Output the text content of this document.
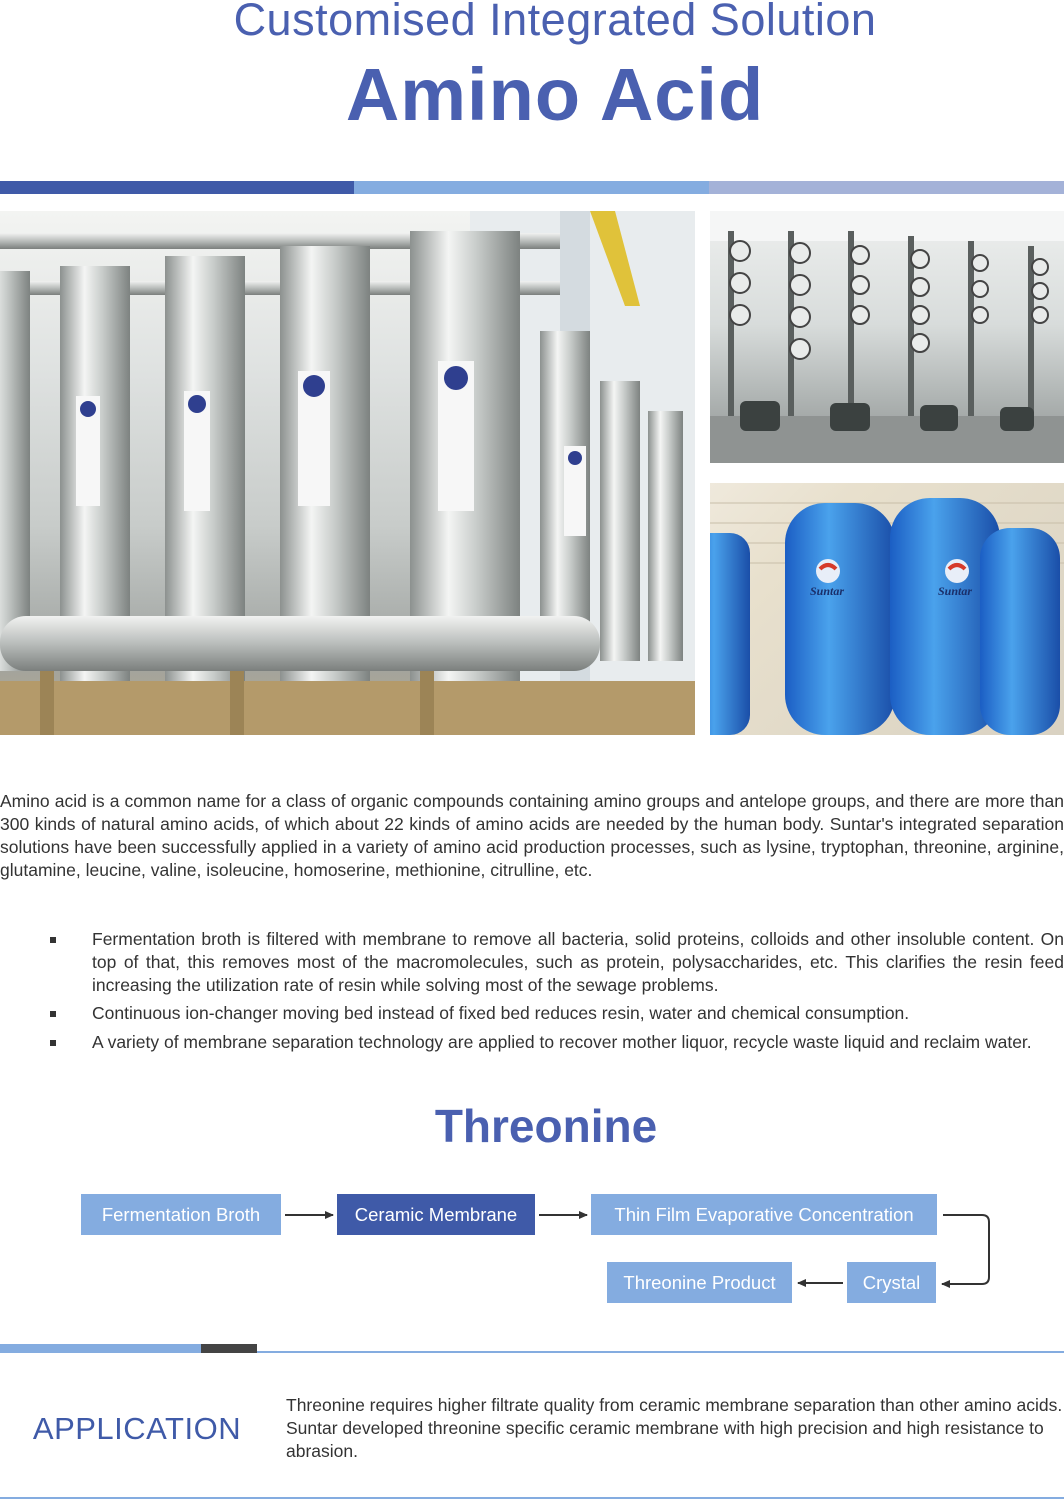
Customised Integrated Solution
Amino Acid
Suntar	Suntar
Amino acid is a common name for a class of organic compounds containing amino groups and antelope groups, and there are more than 300 kinds of natural amino acids, of which about 22 kinds of amino acids are needed by the human body. Suntar's integrated separation solutions have been successfully applied in a variety of amino acid production processes, such as lysine, tryptophan, threonine, arginine, glutamine, leucine, valine, isoleucine, homoserine, methionine, citrulline, etc.
Fermentation broth is filtered with membrane to remove all bacteria, solid proteins, colloids and other insoluble content. On top of that, this removes most of the macromolecules, such as protein, polysaccharides, etc. This clarifies the resin feed increasing the utilization rate of resin while solving most of the sewage problems.
Continuous ion-changer moving bed instead of fixed bed reduces resin, water and chemical consumption.
A variety of membrane separation technology are applied to recover mother liquor, recycle waste liquid and reclaim water.
Threonine
Fermentation Broth	Ceramic Membrane	Thin Film Evaporative Concentration
Crystal
Threonine Product
APPLICATION
Threonine requires higher filtrate quality from ceramic membrane separation than other amino acids. Suntar developed threonine specific ceramic membrane with high precision and high resistance to abrasion.
